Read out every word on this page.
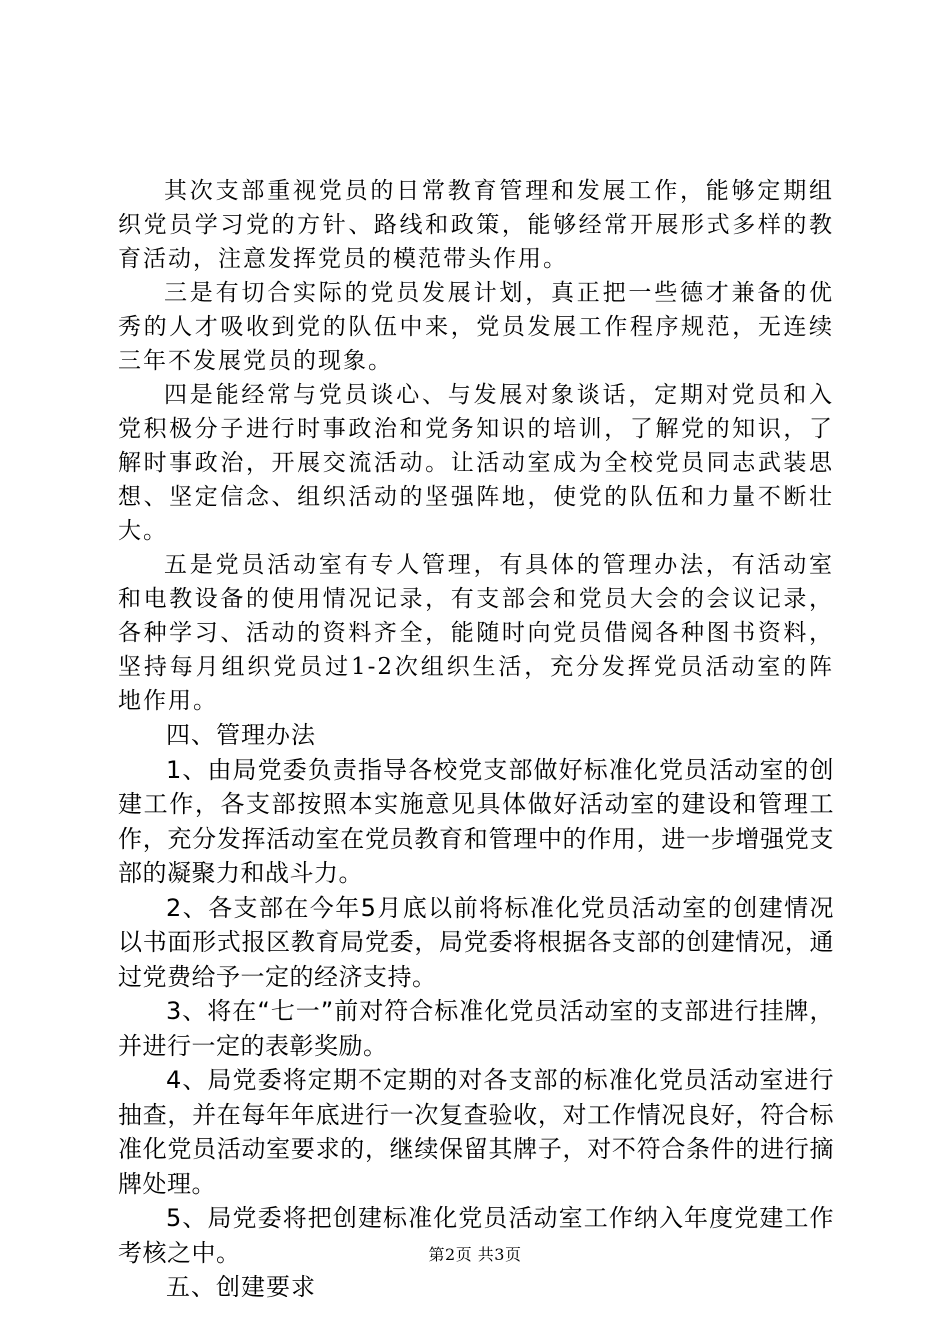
其次支部重视党员的日常教育管理和发展工作，能够定期组织党员学习党的方针、路线和政策，能够经常开展形式多样的教育活动，注意发挥党员的模范带头作用。

三是有切合实际的党员发展计划，真正把一些德才兼备的优秀的人才吸收到党的队伍中来，党员发展工作程序规范，无连续三年不发展党员的现象。

四是能经常与党员谈心、与发展对象谈话，定期对党员和入党积极分子进行时事政治和党务知识的培训，了解党的知识，了解时事政治，开展交流活动。让活动室成为全校党员同志武装思想、坚定信念、组织活动的坚强阵地，使党的队伍和力量不断壮大。

五是党员活动室有专人管理，有具体的管理办法，有活动室和电教设备的使用情况记录，有支部会和党员大会的会议记录，各种学习、活动的资料齐全，能随时向党员借阅各种图书资料，坚持每月组织党员过1-2次组织生活，充分发挥党员活动室的阵地作用。

四、管理办法

1、由局党委负责指导各校党支部做好标准化党员活动室的创建工作，各支部按照本实施意见具体做好活动室的建设和管理工作，充分发挥活动室在党员教育和管理中的作用，进一步增强党支部的凝聚力和战斗力。

2、各支部在今年5月底以前将标准化党员活动室的创建情况以书面形式报区教育局党委，局党委将根据各支部的创建情况，通过党费给予一定的经济支持。

3、将在“七一”前对符合标准化党员活动室的支部进行挂牌，并进行一定的表彰奖励。

4、局党委将定期不定期的对各支部的标准化党员活动室进行抽查，并在每年年底进行一次复查验收，对工作情况良好，符合标准化党员活动室要求的，继续保留其牌子，对不符合条件的进行摘牌处理。

5、局党委将把创建标准化党员活动室工作纳入年度党建工作考核之中。

五、创建要求

第2页 共3页
